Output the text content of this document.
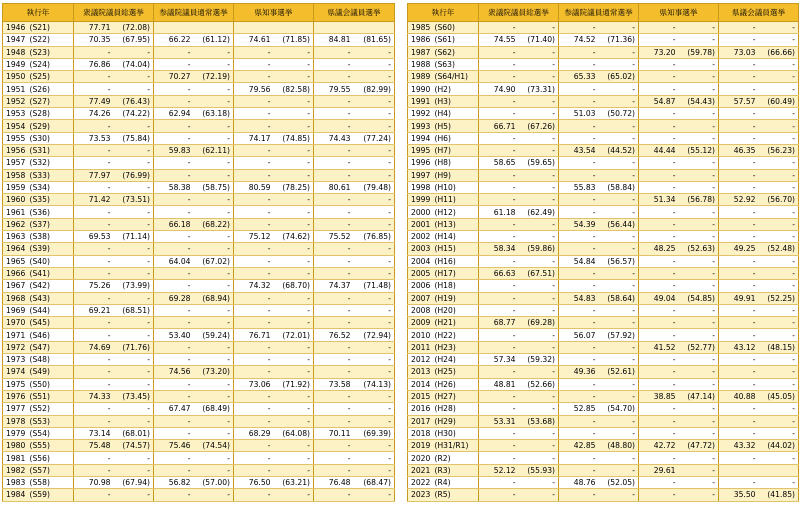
執行年		衆議院議員総選挙		参議院議員通常選挙		県知事選挙		県議会議員選挙	
1946	(S21)	77.71	(72.08)						
1947	(S22)	70.35	(67.95)	66.22	(61.12)	74.61	(71.85)	84.81	(81.65)
1948	(S23)	-	-	-	-	-	-	-	-
1949	(S24)	76.86	(74.04)	-	-	-	-	-	-
1950	(S25)	-	-	70.27	(72.19)	-	-	-	-
1951	(S26)	-	-	-	-	79.56	(82.58)	79.55	(82.99)
1952	(S27)	77.49	(76.43)	-	-	-	-	-	-
1953	(S28)	74.26	(74.22)	62.94	(63.18)	-	-	-	-
1954	(S29)	-	-	-	-	-	-	-	-
1955	(S30)	73.53	(75.84)	-	-	74.17	(74.85)	74.43	(77.24)
1956	(S31)	-	-	59.83	(62.11)	-	-	-	-
1957	(S32)	-	-	-	-	-	-	-	-
1958	(S33)	77.97	(76.99)	-	-	-	-	-	-
1959	(S34)	-	-	58.38	(58.75)	80.59	(78.25)	80.61	(79.48)
1960	(S35)	71.42	(73.51)	-	-	-	-	-	-
1961	(S36)	-	-	-	-	-	-	-	-
1962	(S37)	-	-	66.18	(68.22)	-	-	-	-
1963	(S38)	69.53	(71.14)	-	-	75.12	(74.62)	75.52	(76.85)
1964	(S39)	-	-	-	-	-	-	-	-
1965	(S40)	-	-	64.04	(67.02)	-	-	-	-
1966	(S41)	-	-	-	-	-	-	-	-
1967	(S42)	75.26	(73.99)	-	-	74.32	(68.70)	74.37	(71.48)
1968	(S43)	-	-	69.28	(68.94)	-	-	-	-
1969	(S44)	69.21	(68.51)	-	-	-	-	-	-
1970	(S45)	-	-	-	-	-	-	-	-
1971	(S46)	-	-	53.40	(59.24)	76.71	(72.01)	76.52	(72.94)
1972	(S47)	74.69	(71.76)	-	-	-	-	-	-
1973	(S48)	-	-	-	-	-	-	-	-
1974	(S49)	-	-	74.56	(73.20)	-	-	-	-
1975	(S50)	-	-	-	-	73.06	(71.92)	73.58	(74.13)
1976	(S51)	74.33	(73.45)	-	-	-	-	-	-
1977	(S52)	-	-	67.47	(68.49)	-	-	-	-
1978	(S53)	-	-	-	-	-	-	-	-
1979	(S54)	73.14	(68.01)	-	-	68.29	(64.08)	70.11	(69.39)
1980	(S55)	75.48	(74.57)	75.46	(74.54)	-	-	-	-
1981	(S56)	-	-	-	-	-	-	-	-
1982	(S57)	-	-	-	-	-	-	-	-
1983	(S58)	70.98	(67.94)	56.82	(57.00)	76.50	(63.21)	76.48	(68.47)
1984	(S59)	-	-	-	-	-	-	-	-
執行年		衆議院議員総選挙		参議院議員通常選挙		県知事選挙		県議会議員選挙	
1985	(S60)	-	-	-	-	-	-	-	-
1986	(S61)	74.55	(71.40)	74.52	(71.36)	-	-	-	-
1987	(S62)	-	-	-	-	73.20	(59.78)	73.03	(66.66)
1988	(S63)	-	-	-	-	-	-	-	-
1989	(S64/H1)	-	-	65.33	(65.02)	-	-	-	-
1990	(H2)	74.90	(73.31)	-	-	-	-	-	-
1991	(H3)	-	-	-	-	54.87	(54.43)	57.57	(60.49)
1992	(H4)	-	-	51.03	(50.72)	-	-	-	-
1993	(H5)	66.71	(67.26)	-	-	-	-	-	-
1994	(H6)	-	-	-	-	-	-	-	-
1995	(H7)	-	-	43.54	(44.52)	44.44	(55.12)	46.35	(56.23)
1996	(H8)	58.65	(59.65)	-	-	-	-	-	-
1997	(H9)	-	-	-	-	-	-	-	-
1998	(H10)	-	-	55.83	(58.84)	-	-	-	-
1999	(H11)	-	-	-	-	51.34	(56.78)	52.92	(56.70)
2000	(H12)	61.18	(62.49)	-	-	-	-	-	-
2001	(H13)	-	-	54.39	(56.44)	-	-	-	-
2002	(H14)	-	-	-	-	-	-	-	-
2003	(H15)	58.34	(59.86)	-	-	48.25	(52.63)	49.25	(52.48)
2004	(H16)	-	-	54.84	(56.57)	-	-	-	-
2005	(H17)	66.63	(67.51)	-	-	-	-	-	-
2006	(H18)	-	-	-	-	-	-	-	-
2007	(H19)	-	-	54.83	(58.64)	49.04	(54.85)	49.91	(52.25)
2008	(H20)	-	-	-	-	-	-	-	-
2009	(H21)	68.77	(69.28)	-	-	-	-	-	-
2010	(H22)	-	-	56.07	(57.92)	-	-	-	-
2011	(H23)	-	-	-	-	41.52	(52.77)	43.12	(48.15)
2012	(H24)	57.34	(59.32)	-	-	-	-	-	-
2013	(H25)	-	-	49.36	(52.61)	-	-	-	-
2014	(H26)	48.81	(52.66)	-	-	-	-	-	-
2015	(H27)	-	-	-	-	38.85	(47.14)	40.88	(45.05)
2016	(H28)	-	-	52.85	(54.70)	-	-	-	-
2017	(H29)	53.31	(53.68)	-	-	-	-	-	-
2018	(H30)	-	-	-	-	-	-	-	-
2019	(H31/R1)	-	-	42.85	(48.80)	42.72	(47.72)	43.32	(44.02)
2020	(R2)	-	-	-	-	-	-	-	-
2021	(R3)	52.12	(55.93)	-	-	29.61	-		
2022	(R4)	-	-	48.76	(52.05)	-	-	-	-
2023	(R5)	-	-	-	-	-	-	35.50	(41.85)
